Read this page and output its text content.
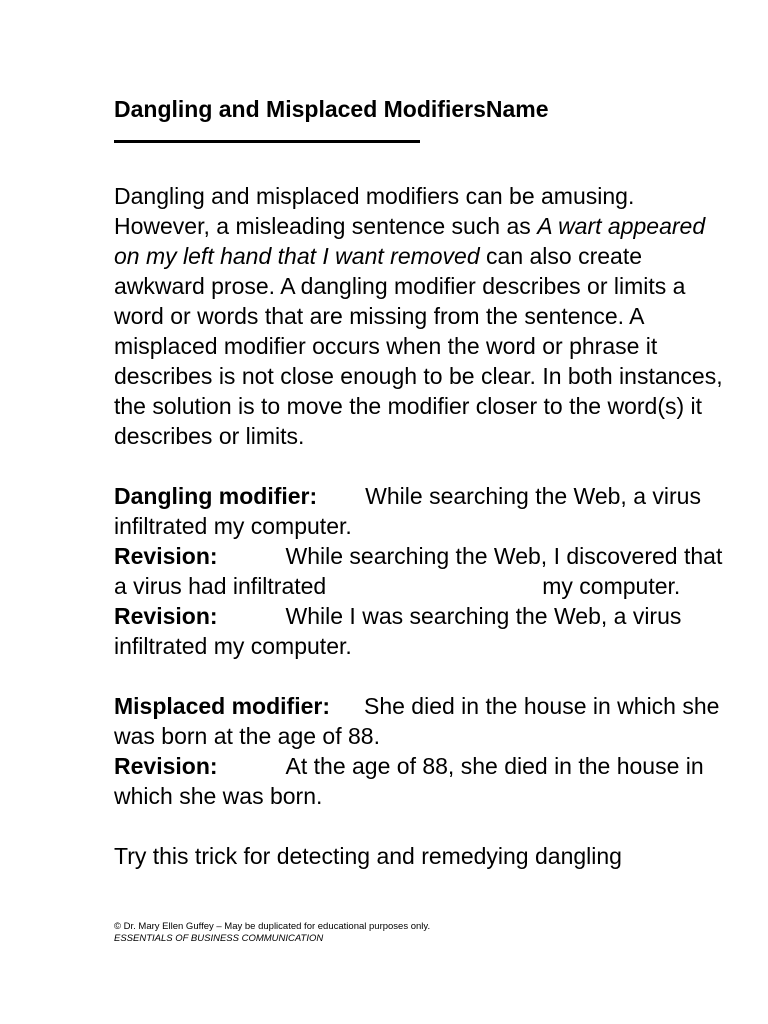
Dangling and Misplaced ModifiersName

Dangling and misplaced modifiers can be amusing. However, a misleading sentence such as A wart appeared on my left hand that I want removed can also create awkward prose. A dangling modifier describes or limits a word or words that are missing from the sentence. A misplaced modifier occurs when the word or phrase it describes is not close enough to be clear. In both instances, the solution is to move the modifier closer to the word(s) it describes or limits.

Dangling modifier: While searching the Web, a virus infiltrated my computer.

Revision:	While searching the Web, I discovered that a virus had infiltrated	my computer.

Revision:	While I was searching the Web, a virus infiltrated my computer.

Misplaced modifier: She died in the house in which she was born at the age of 88.

Revision:	At the age of 88, she died in the house in which she was born.

Try this trick for detecting and remedying dangling

© Dr. Mary Ellen Guffey – May be duplicated for educational purposes only.
ESSENTIALS OF BUSINESS COMMUNICATION
